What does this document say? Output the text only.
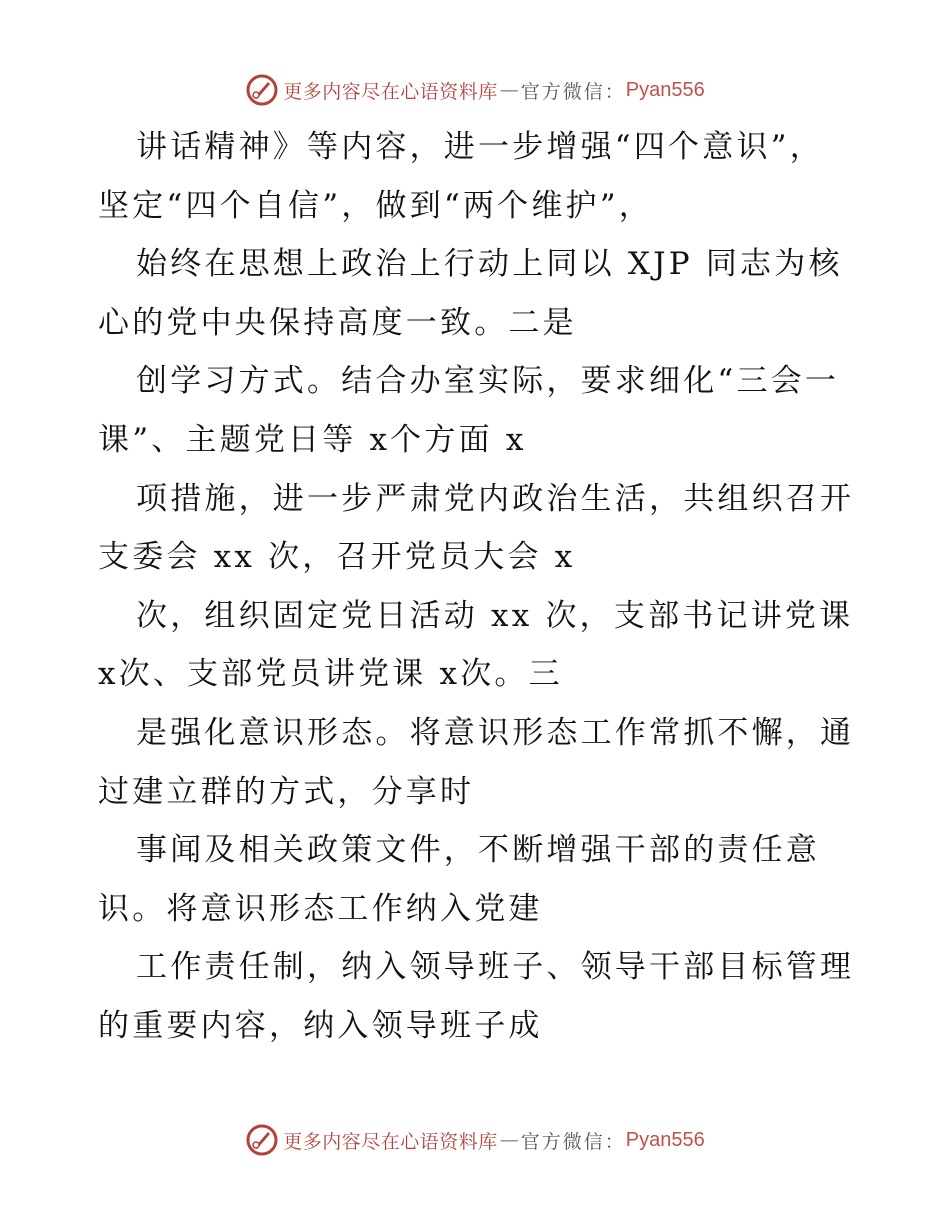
更多内容尽在心语资料库 — 官方微信： Pyan556
讲话精神》等内容，进一步增强“四个意识”，
坚定“四个自信”，做到“两个维护”，
始终在思想上政治上行动上同以 XJP 同志为核
心的党中央保持高度一致。二是
创学习方式。结合办室实际，要求细化“三会一
课”、主题党日等 x个方面 x
项措施，进一步严肃党内政治生活，共组织召开
支委会 xx 次，召开党员大会 x
次，组织固定党日活动 xx 次，支部书记讲党课
x次、支部党员讲党课 x次。三
是强化意识形态。将意识形态工作常抓不懈，通
过建立群的方式，分享时
事闻及相关政策文件，不断增强干部的责任意
识。将意识形态工作纳入党建
工作责任制，纳入领导班子、领导干部目标管理
的重要内容，纳入领导班子成
更多内容尽在心语资料库 — 官方微信： Pyan556
